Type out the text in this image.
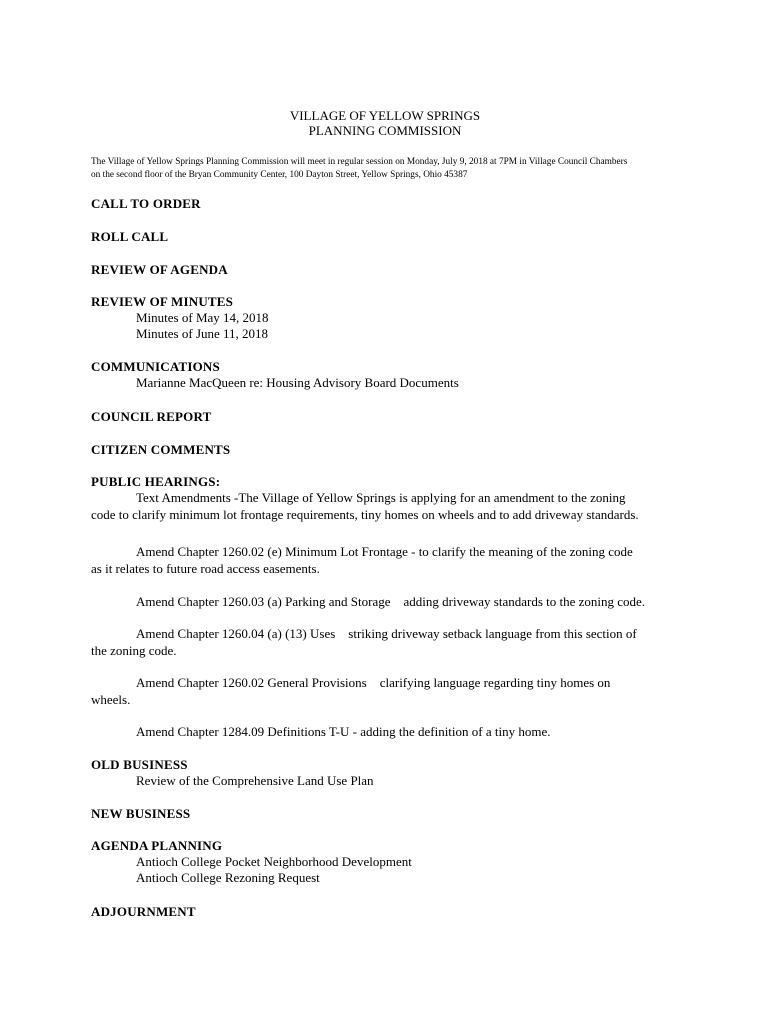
VILLAGE OF YELLOW SPRINGS
PLANNING COMMISSION
The Village of Yellow Springs Planning Commission will meet in regular session on Monday, July 9, 2018 at 7PM in Village Council Chambers
on the second floor of the Bryan Community Center, 100 Dayton Street, Yellow Springs, Ohio 45387
CALL TO ORDER
ROLL CALL
REVIEW OF AGENDA
REVIEW OF MINUTES
Minutes of May 14, 2018
Minutes of June 11, 2018
COMMUNICATIONS
Marianne MacQueen re: Housing Advisory Board Documents
COUNCIL REPORT
CITIZEN COMMENTS
PUBLIC HEARINGS:
Text Amendments -The Village of Yellow Springs is applying for an amendment to the zoning
code to clarify minimum lot frontage requirements, tiny homes on wheels and to add driveway standards.
Amend Chapter 1260.02 (e) Minimum Lot Frontage - to clarify the meaning of the zoning code
as it relates to future road access easements.
Amend Chapter 1260.03 (a) Parking and Storage    adding driveway standards to the zoning code.
Amend Chapter 1260.04 (a) (13) Uses    striking driveway setback language from this section of
the zoning code.
Amend Chapter 1260.02 General Provisions    clarifying language regarding tiny homes on
wheels.
Amend Chapter 1284.09 Definitions T-U - adding the definition of a tiny home.
OLD BUSINESS
Review of the Comprehensive Land Use Plan
NEW BUSINESS
AGENDA PLANNING
Antioch College Pocket Neighborhood Development
Antioch College Rezoning Request
ADJOURNMENT
